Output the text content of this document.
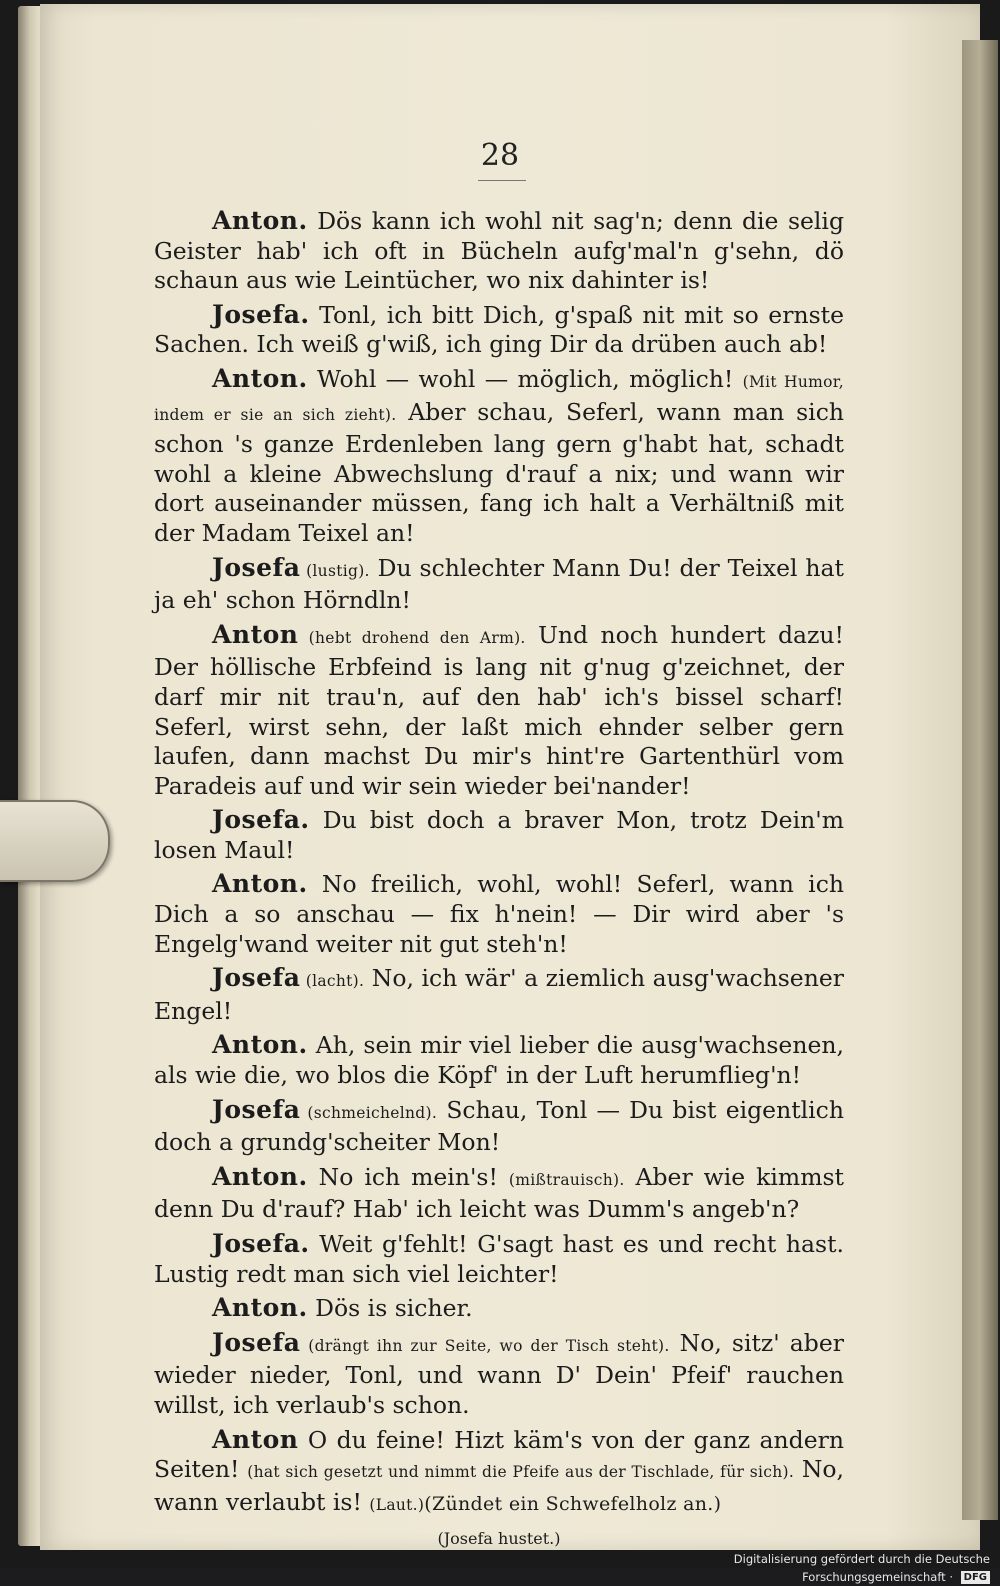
28

Anton. Dös kann ich wohl nit sag'n; denn die selig Geister hab' ich oft in Bücheln aufg'mal'n g'sehn, dö schaun aus wie Leintücher, wo nix dahinter is!

Josefa. Tonl, ich bitt Dich, g'spaß nit mit so ernste Sachen. Ich weiß g'wiß, ich ging Dir da drüben auch ab!

Anton. Wohl — wohl — möglich, möglich! (Mit Humor, indem er sie an sich zieht). Aber schau, Seferl, wann man sich schon 's ganze Erdenleben lang gern g'habt hat, schadt wohl a kleine Abwechslung d'rauf a nix; und wann wir dort auseinander müssen, fang ich halt a Verhältniß mit der Madam Teixel an!

Josefa (lustig). Du schlechter Mann Du! der Teixel hat ja eh' schon Hörndln!

Anton (hebt drohend den Arm). Und noch hundert dazu! Der höllische Erbfeind is lang nit g'nug g'zeichnet, der darf mir nit trau'n, auf den hab' ich's bissel scharf! Seferl, wirst sehn, der laßt mich ehnder selber gern laufen, dann machst Du mir's hint're Gartenthürl vom Paradeis auf und wir sein wieder bei'nander!

Josefa. Du bist doch a braver Mon, trotz Dein'm losen Maul!

Anton. No freilich, wohl, wohl! Seferl, wann ich Dich a so anschau — fix h'nein! — Dir wird aber 's Engelg'wand weiter nit gut steh'n!

Josefa (lacht). No, ich wär' a ziemlich ausg'wachsener Engel!

Anton. Ah, sein mir viel lieber die ausg'wachsenen, als wie die, wo blos die Köpf' in der Luft herumflieg'n!

Josefa (schmeichelnd). Schau, Tonl — Du bist eigentlich doch a grundg'scheiter Mon!

Anton. No ich mein's! (mißtrauisch). Aber wie kimmst denn Du d'rauf? Hab' ich leicht was Dumm's angeb'n?

Josefa. Weit g'fehlt! G'sagt hast es und recht hast. Lustig redt man sich viel leichter!

Anton. Dös is sicher.

Josefa (drängt ihn zur Seite, wo der Tisch steht). No, sitz' aber wieder nieder, Tonl, und wann D' Dein' Pfeif' rauchen willst, ich verlaub's schon.

Anton O du feine! Hizt käm's von der ganz andern Seiten! (hat sich gesetzt und nimmt die Pfeife aus der Tischlade, für sich). No, wann verlaubt is! (Laut.)(Zündet ein Schwefelholz an.)

(Josefa hustet.)

Digitalisierung gefördert durch die Deutsche Forschungsgemeinschaft · DFG
